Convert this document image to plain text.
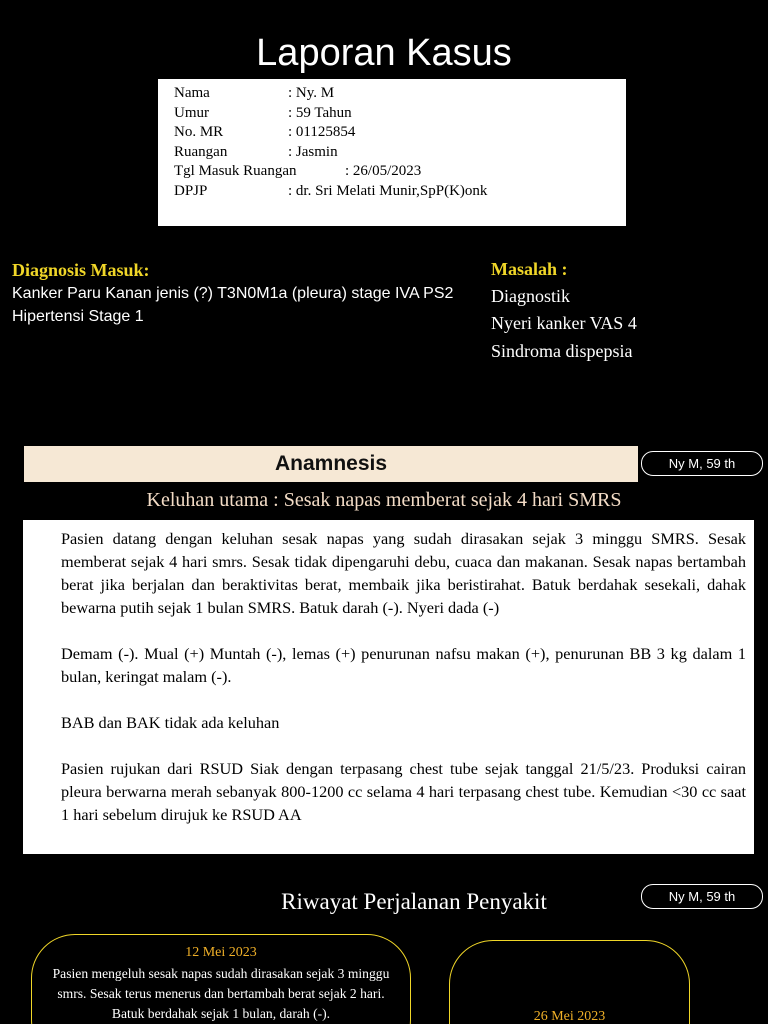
Laporan Kasus
Nama	: Ny. M
Umur	: 59 Tahun
No. MR	: 01125854
Ruangan	: Jasmin
Tgl Masuk Ruangan	: 26/05/2023
DPJP	: dr. Sri Melati Munir,SpP(K)onk
Diagnosis Masuk:
Kanker Paru Kanan jenis (?) T3N0M1a (pleura) stage IVA PS2
Hipertensi Stage 1
Masalah :
Diagnostik
Nyeri kanker VAS 4
Sindroma dispepsia
Anamnesis	Ny M, 59 th
Keluhan utama : Sesak napas memberat sejak 4 hari SMRS

Pasien datang dengan keluhan sesak napas yang sudah dirasakan sejak 3 minggu SMRS. Sesak memberat sejak 4 hari smrs. Sesak tidak dipengaruhi debu, cuaca dan makanan. Sesak napas bertambah berat jika berjalan dan beraktivitas berat, membaik jika beristirahat. Batuk berdahak sesekali, dahak bewarna putih sejak 1 bulan SMRS. Batuk darah (-). Nyeri dada (-)

Demam (-). Mual (+) Muntah (-), lemas (+) penurunan nafsu makan (+), penurunan BB 3 kg dalam 1 bulan, keringat malam (-).

BAB dan BAK tidak ada keluhan

Pasien rujukan dari RSUD Siak dengan terpasang chest tube sejak tanggal 21/5/23. Produksi cairan pleura berwarna merah sebanyak 800-1200 cc selama 4 hari terpasang chest tube. Kemudian <30 cc saat 1 hari sebelum dirujuk ke RSUD AA

Riwayat Perjalanan Penyakit	Ny M, 59 th
12 Mei 2023
Pasien mengeluh sesak napas sudah dirasakan sejak 3 minggu smrs. Sesak terus menerus dan bertambah berat sejak 2 hari. Batuk berdahak sejak 1 bulan, darah (-).	26 Mei 2023
